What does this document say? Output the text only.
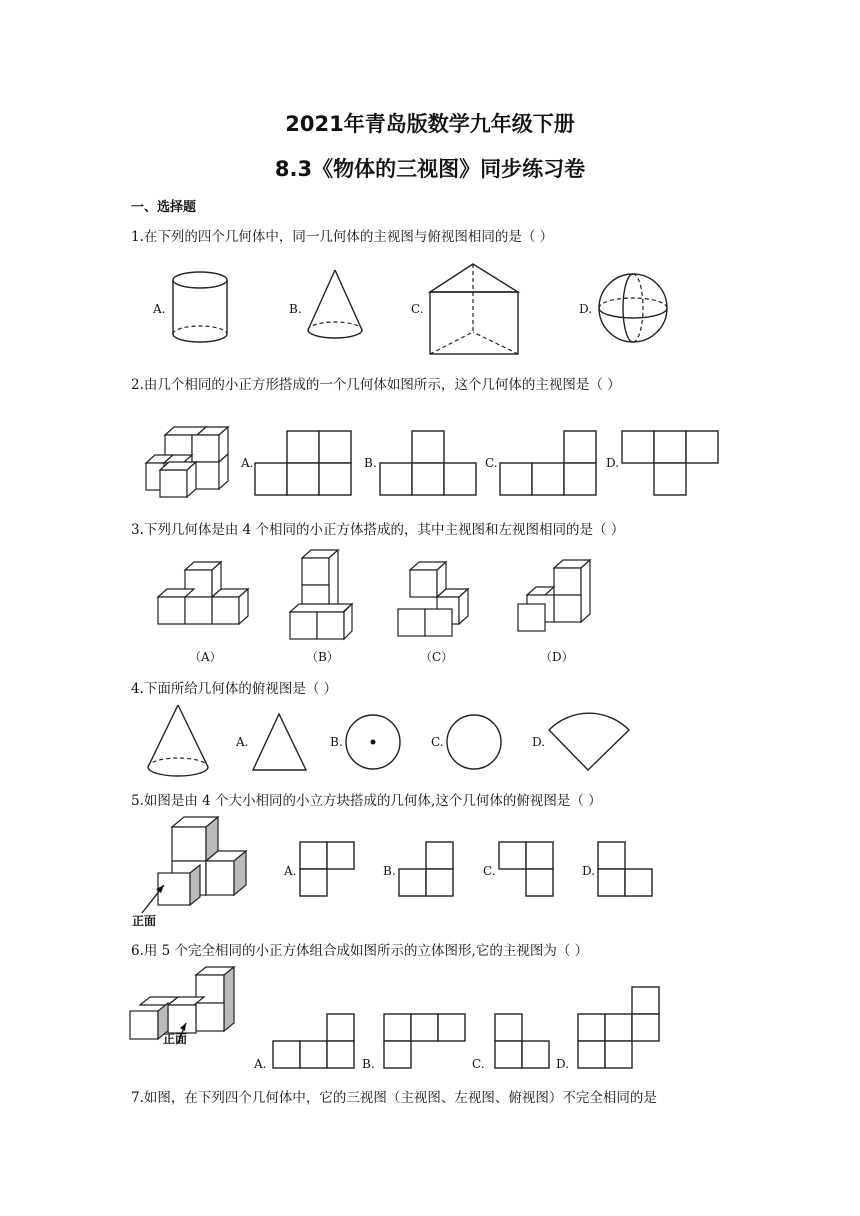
2021年青岛版数学九年级下册
8.3《物体的三视图》同步练习卷
一、选择题
1.在下列的四个几何体中，同一几何体的主视图与俯视图相同的是（ ）
A.	B.	C.	D.
2.由几个相同的小正方形搭成的一个几何体如图所示，这个几何体的主视图是（ ）
A.	B.	C.	D.
3.下列几何体是由 4 个相同的小正方体搭成的，其中主视图和左视图相同的是（ ）
（A）	（B）	（C）	（D）
4.下面所给几何体的俯视图是（ ）
A.	B.	C.	D.
5.如图是由 4 个大小相同的小立方块搭成的几何体,这个几何体的俯视图是（ ）
正面
A.	B.	C.	D.
6.用 5 个完全相同的小正方体组合成如图所示的立体图形,它的主视图为（ ）
正面
A.	B.	C.	D.
7.如图，在下列四个几何体中，它的三视图（主视图、左视图、俯视图）不完全相同的是
